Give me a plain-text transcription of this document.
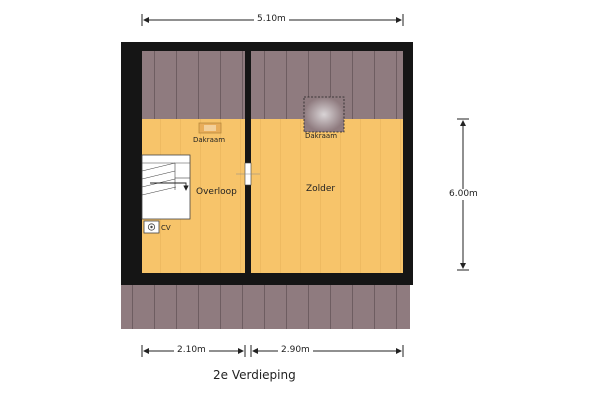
5.10m
6.00m
2.10m	2.90m
Dakraam	Dakraam
CV
Overloop	Zolder
2e Verdieping
